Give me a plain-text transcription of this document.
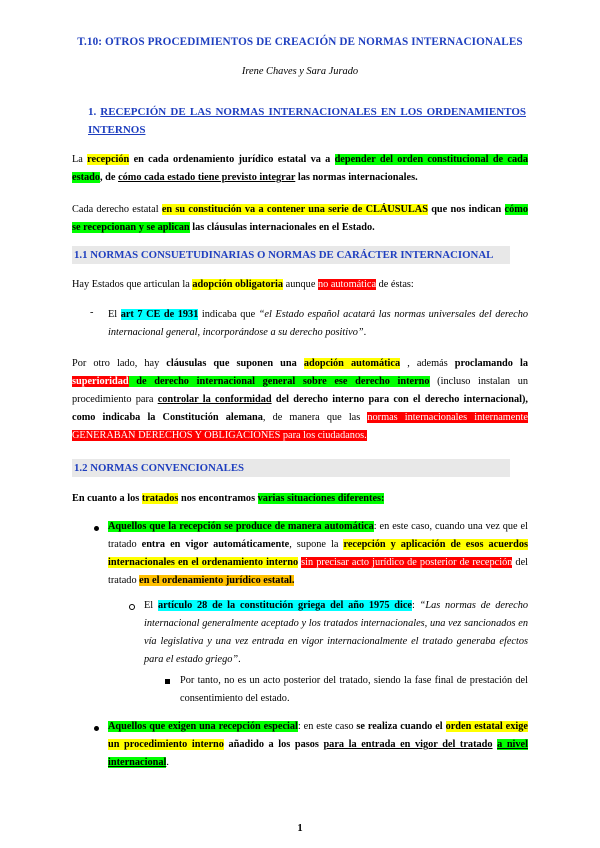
T.10: OTROS PROCEDIMIENTOS DE CREACIÓN DE NORMAS INTERNACIONALES
Irene Chaves y Sara Jurado
1. RECEPCIÓN DE LAS NORMAS INTERNACIONALES EN LOS ORDENAMIENTOS INTERNOS
La recepción en cada ordenamiento jurídico estatal va a depender del orden constitucional de cada estado, de cómo cada estado tiene previsto integrar las normas internacionales.
Cada derecho estatal en su constitución va a contener una serie de CLÁUSULAS que nos indican cómo se recepcionan y se aplican las cláusulas internacionales en el Estado.
1.1 NORMAS CONSUETUDINARIAS O NORMAS DE CARÁCTER INTERNACIONAL
Hay Estados que articulan la adopción obligatoria aunque no automática de éstas:
- El art 7 CE de 1931 indicaba que “el Estado español acatará las normas universales del derecho internacional general, incorporándose a su derecho positivo”.
Por otro lado, hay cláusulas que suponen una adopción automática , además proclamando la superioridad de derecho internacional general sobre ese derecho interno (incluso instalan un procedimiento para controlar la conformidad del derecho interno para con el derecho internacional), como indicaba la Constitución alemana, de manera que las normas internacionales internamente GENERABAN DERECHOS Y OBLIGACIONES para los ciudadanos.
1.2 NORMAS CONVENCIONALES
En cuanto a los tratados nos encontramos varias situaciones diferentes:
Aquellos que la recepción se produce de manera automática: en este caso, cuando una vez que el tratado entra en vigor automáticamente, supone la recepción y aplicación de esos acuerdos internacionales en el ordenamiento interno sin precisar acto jurídico de posterior de recepción del tratado en el ordenamiento jurídico estatal.
El artículo 28 de la constitución griega del año 1975 dice: “Las normas de derecho internacional generalmente aceptado y los tratados internacionales, una vez sancionados en vía legislativa y una vez entrada en vigor internacionalmente el tratado generaba efectos para el estado griego”.
Por tanto, no es un acto posterior del tratado, siendo la fase final de prestación del consentimiento del estado.
Aquellos que exigen una recepción especial: en este caso se realiza cuando el orden estatal exige un procedimiento interno añadido a los pasos para la entrada en vigor del tratado a nivel internacional.
1
